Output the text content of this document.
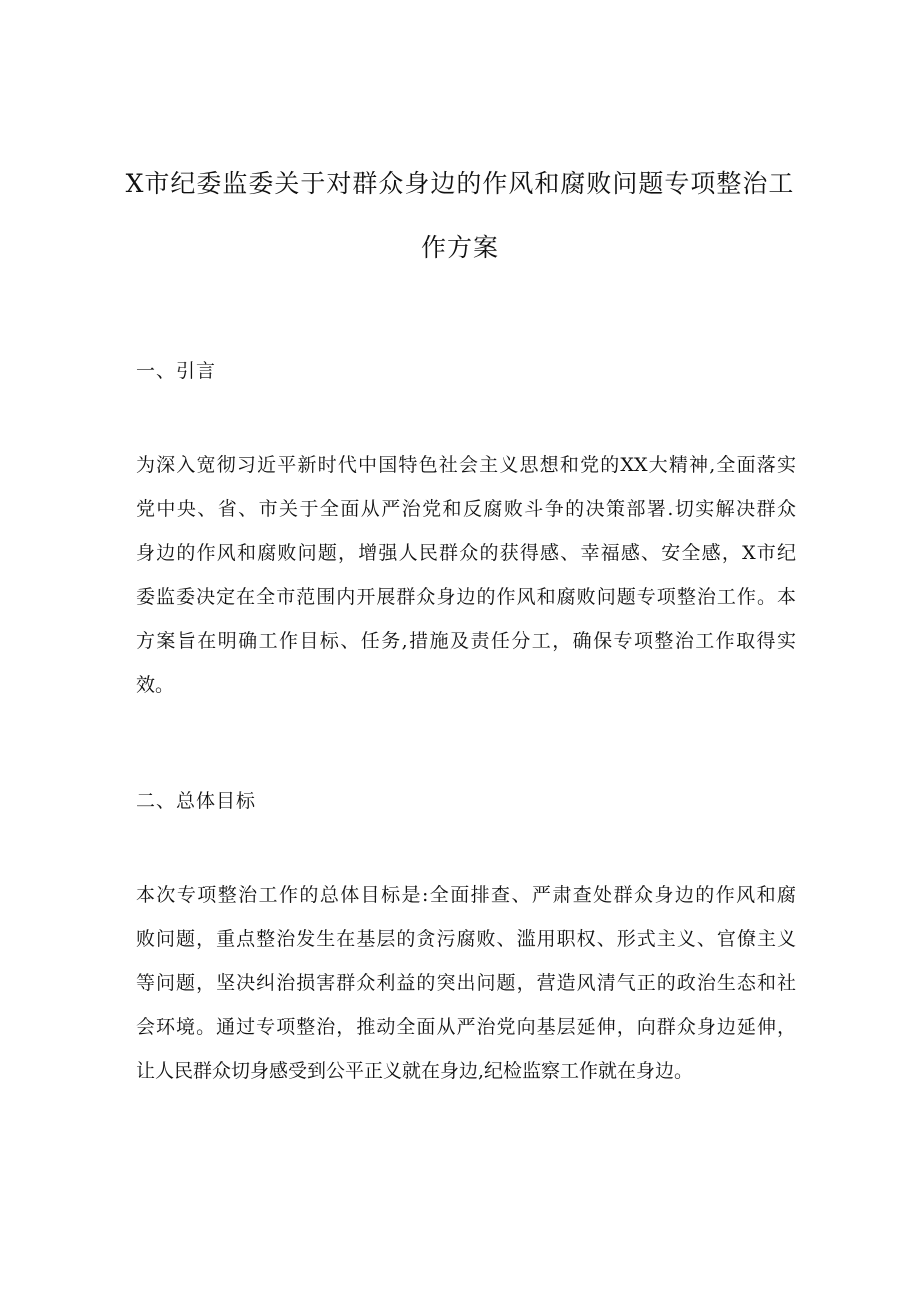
X市纪委监委关于对群众身边的作风和腐败问题专项整治工
作方案
一、引言
为深入宽彻习近平新时代中国特色社会主义思想和党的XX大精神,全面落实
党中央、省、市关于全面从严治党和反腐败斗争的决策部署.切实解决群众
身边的作风和腐败问题，增强人民群众的获得感、幸福感、安全感，X市纪
委监委决定在全市范围内开展群众身边的作风和腐败问题专项整治工作。本
方案旨在明确工作目标、任务,措施及责任分工，确保专项整治工作取得实
效。
二、总体目标
本次专项整治工作的总体目标是:全面排查、严肃查处群众身边的作风和腐
败问题，重点整治发生在基层的贪污腐败、滥用职权、形式主义、官僚主义
等问题，坚决纠治损害群众利益的突出问题，营造风清气正的政治生态和社
会环境。通过专项整治，推动全面从严治党向基层延伸，向群众身边延伸，
让人民群众切身感受到公平正义就在身边,纪检监察工作就在身边。
